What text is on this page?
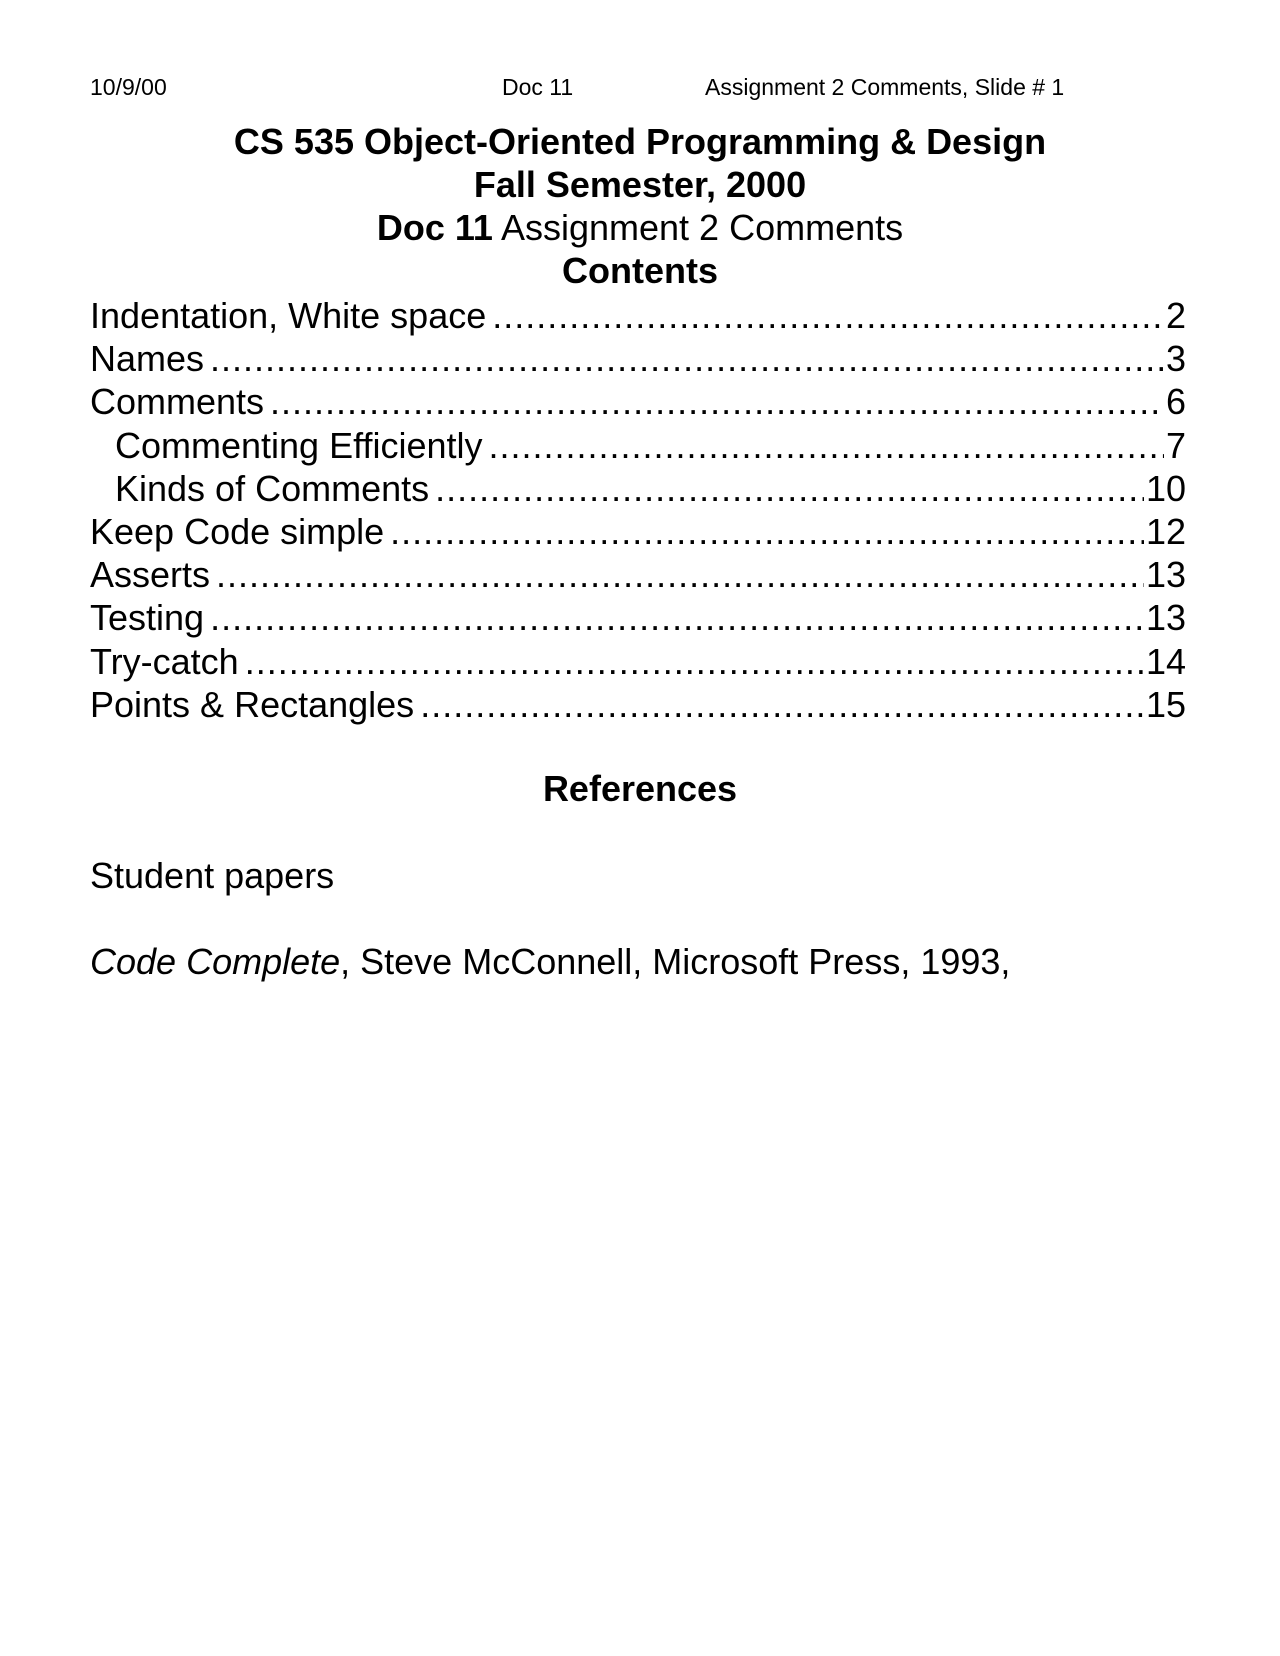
10/9/00	Doc 11	Assignment 2 Comments, Slide # 1
CS 535 Object-Oriented Programming & Design
Fall Semester, 2000
Doc 11 Assignment 2 Comments
Contents
Indentation, White space .....	2
Names .....	3
Comments .....	6
Commenting Efficiently .....	7
Kinds of Comments .....	10
Keep Code simple .....	12
Asserts .....	13
Testing .....	13
Try-catch .....	14
Points & Rectangles .....	15
References
Student papers
Code Complete, Steve McConnell, Microsoft Press, 1993,
